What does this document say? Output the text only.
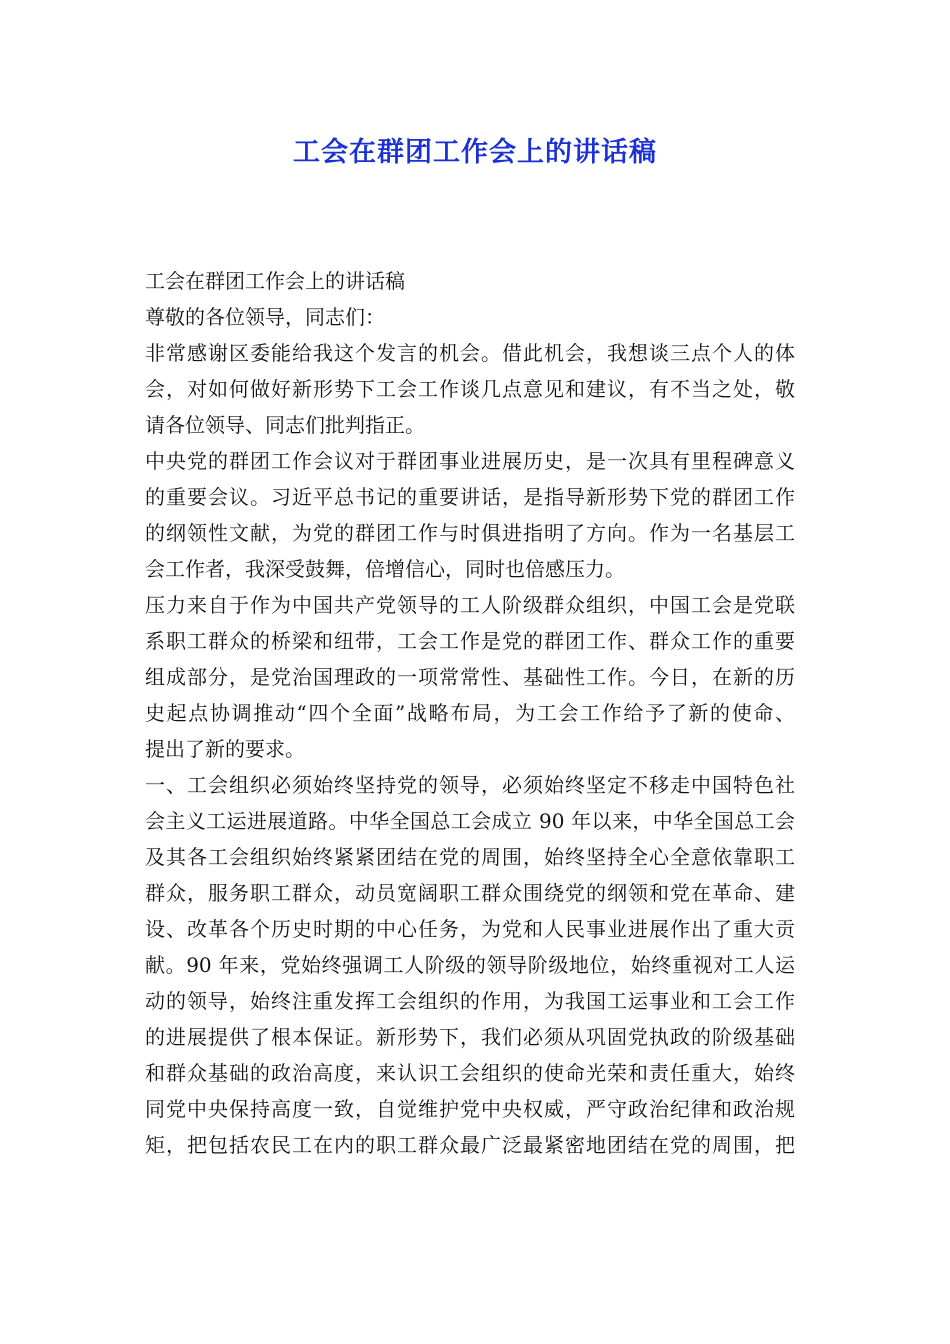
工会在群团工作会上的讲话稿
工会在群团工作会上的讲话稿
尊敬的各位领导，同志们：
非常感谢区委能给我这个发言的机会。借此机会，我想谈三点个人的体
会，对如何做好新形势下工会工作谈几点意见和建议，有不当之处，敬
请各位领导、同志们批判指正。
中央党的群团工作会议对于群团事业进展历史，是一次具有里程碑意义
的重要会议。习近平总书记的重要讲话，是指导新形势下党的群团工作
的纲领性文献，为党的群团工作与时俱进指明了方向。作为一名基层工
会工作者，我深受鼓舞，倍增信心，同时也倍感压力。
压力来自于作为中国共产党领导的工人阶级群众组织，中国工会是党联
系职工群众的桥梁和纽带，工会工作是党的群团工作、群众工作的重要
组成部分，是党治国理政的一项常常性、基础性工作。今日，在新的历
史起点协调推动“四个全面”战略布局，为工会工作给予了新的使命、
提出了新的要求。
一、工会组织必须始终坚持党的领导，必须始终坚定不移走中国特色社
会主义工运进展道路。中华全国总工会成立 90 年以来，中华全国总工会
及其各工会组织始终紧紧团结在党的周围，始终坚持全心全意依靠职工
群众，服务职工群众，动员宽阔职工群众围绕党的纲领和党在革命、建
设、改革各个历史时期的中心任务，为党和人民事业进展作出了重大贡
献。90 年来，党始终强调工人阶级的领导阶级地位，始终重视对工人运
动的领导，始终注重发挥工会组织的作用，为我国工运事业和工会工作
的进展提供了根本保证。新形势下，我们必须从巩固党执政的阶级基础
和群众基础的政治高度，来认识工会组织的使命光荣和责任重大，始终
同党中央保持高度一致，自觉维护党中央权威，严守政治纪律和政治规
矩，把包括农民工在内的职工群众最广泛最紧密地团结在党的周围，把
